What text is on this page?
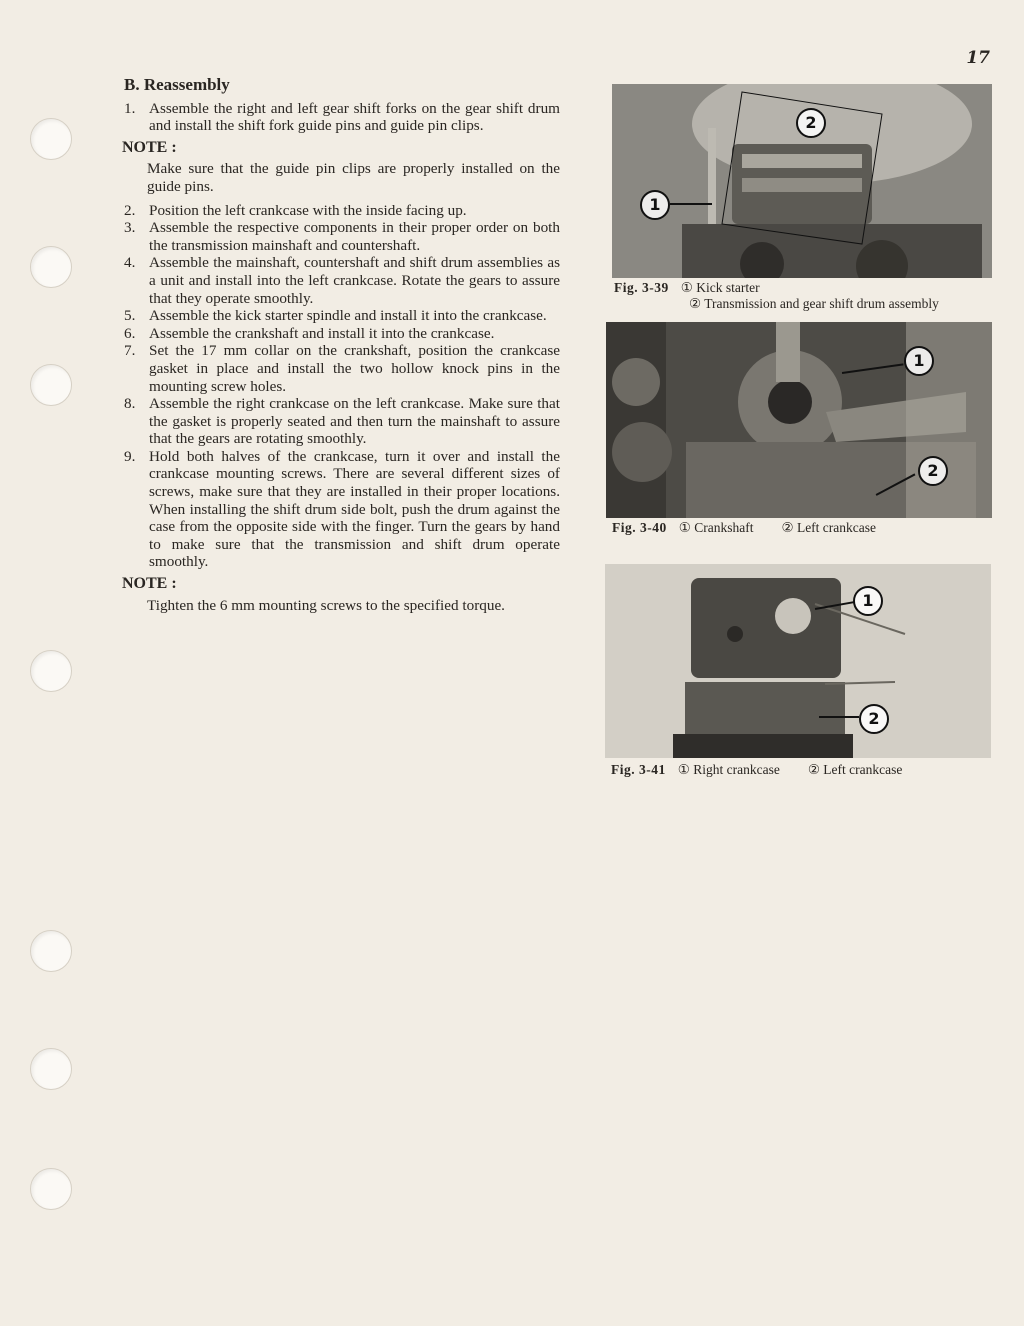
17
B. Reassembly
1. Assemble the right and left gear shift forks on the gear shift drum and install the shift fork guide pins and guide pin clips.
NOTE :
Make sure that the guide pin clips are properly installed on the guide pins.
2. Position the left crankcase with the inside facing up.
3. Assemble the respective components in their proper order on both the transmission mainshaft and countershaft.
4. Assemble the mainshaft, countershaft and shift drum assemblies as a unit and install into the left crankcase. Rotate the gears to assure that they operate smoothly.
5. Assemble the kick starter spindle and install it into the crankcase.
6. Assemble the crankshaft and install it into the crankcase.
7. Set the 17 mm collar on the crankshaft, position the crankcase gasket in place and install the two hollow knock pins in the mounting screw holes.
8. Assemble the right crankcase on the left crankcase. Make sure that the gasket is properly seated and then turn the mainshaft to assure that the gears are rotating smoothly.
9. Hold both halves of the crankcase, turn it over and install the crankcase mounting screws. There are several different sizes of screws, make sure that they are installed in their proper locations. When installing the shift drum side bolt, push the drum against the case from the opposite side with the finger. Turn the gears by hand to make sure that the transmission and shift drum operate smoothly.
NOTE :
Tighten the 6 mm mounting screws to the specified torque.
1
2
Fig. 3-39 ① Kick starter
② Transmission and gear shift drum assembly
1
2
Fig. 3-40 ① Crankshaft ② Left crankcase
1
2
Fig. 3-41 ① Right crankcase ② Left crankcase
